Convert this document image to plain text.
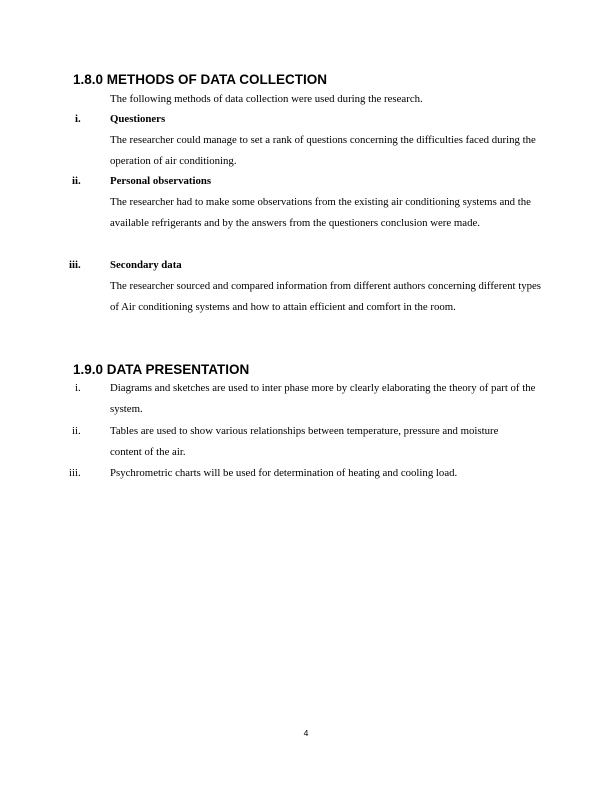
1.8.0 METHODS OF DATA COLLECTION

The following methods of data collection were used during the research.

i.	Questioners

The researcher could manage to set a rank of questions concerning the difficulties faced during the operation of air conditioning.

ii.	Personal observations

The researcher had to make some observations from the existing air conditioning systems and the available refrigerants and by the answers from the questioners conclusion were made.

iii.	Secondary data

The researcher sourced and compared information from different authors concerning different types of Air conditioning systems and how to attain efficient and comfort in the room.

1.9.0 DATA PRESENTATION
i.	Diagrams and sketches are used to inter phase more by clearly elaborating the theory of part of the system.

ii.	Tables are used to show various relationships between temperature, pressure and moisture content of the air.

iii.	Psychrometric charts will be used for determination of heating and cooling load.

4
